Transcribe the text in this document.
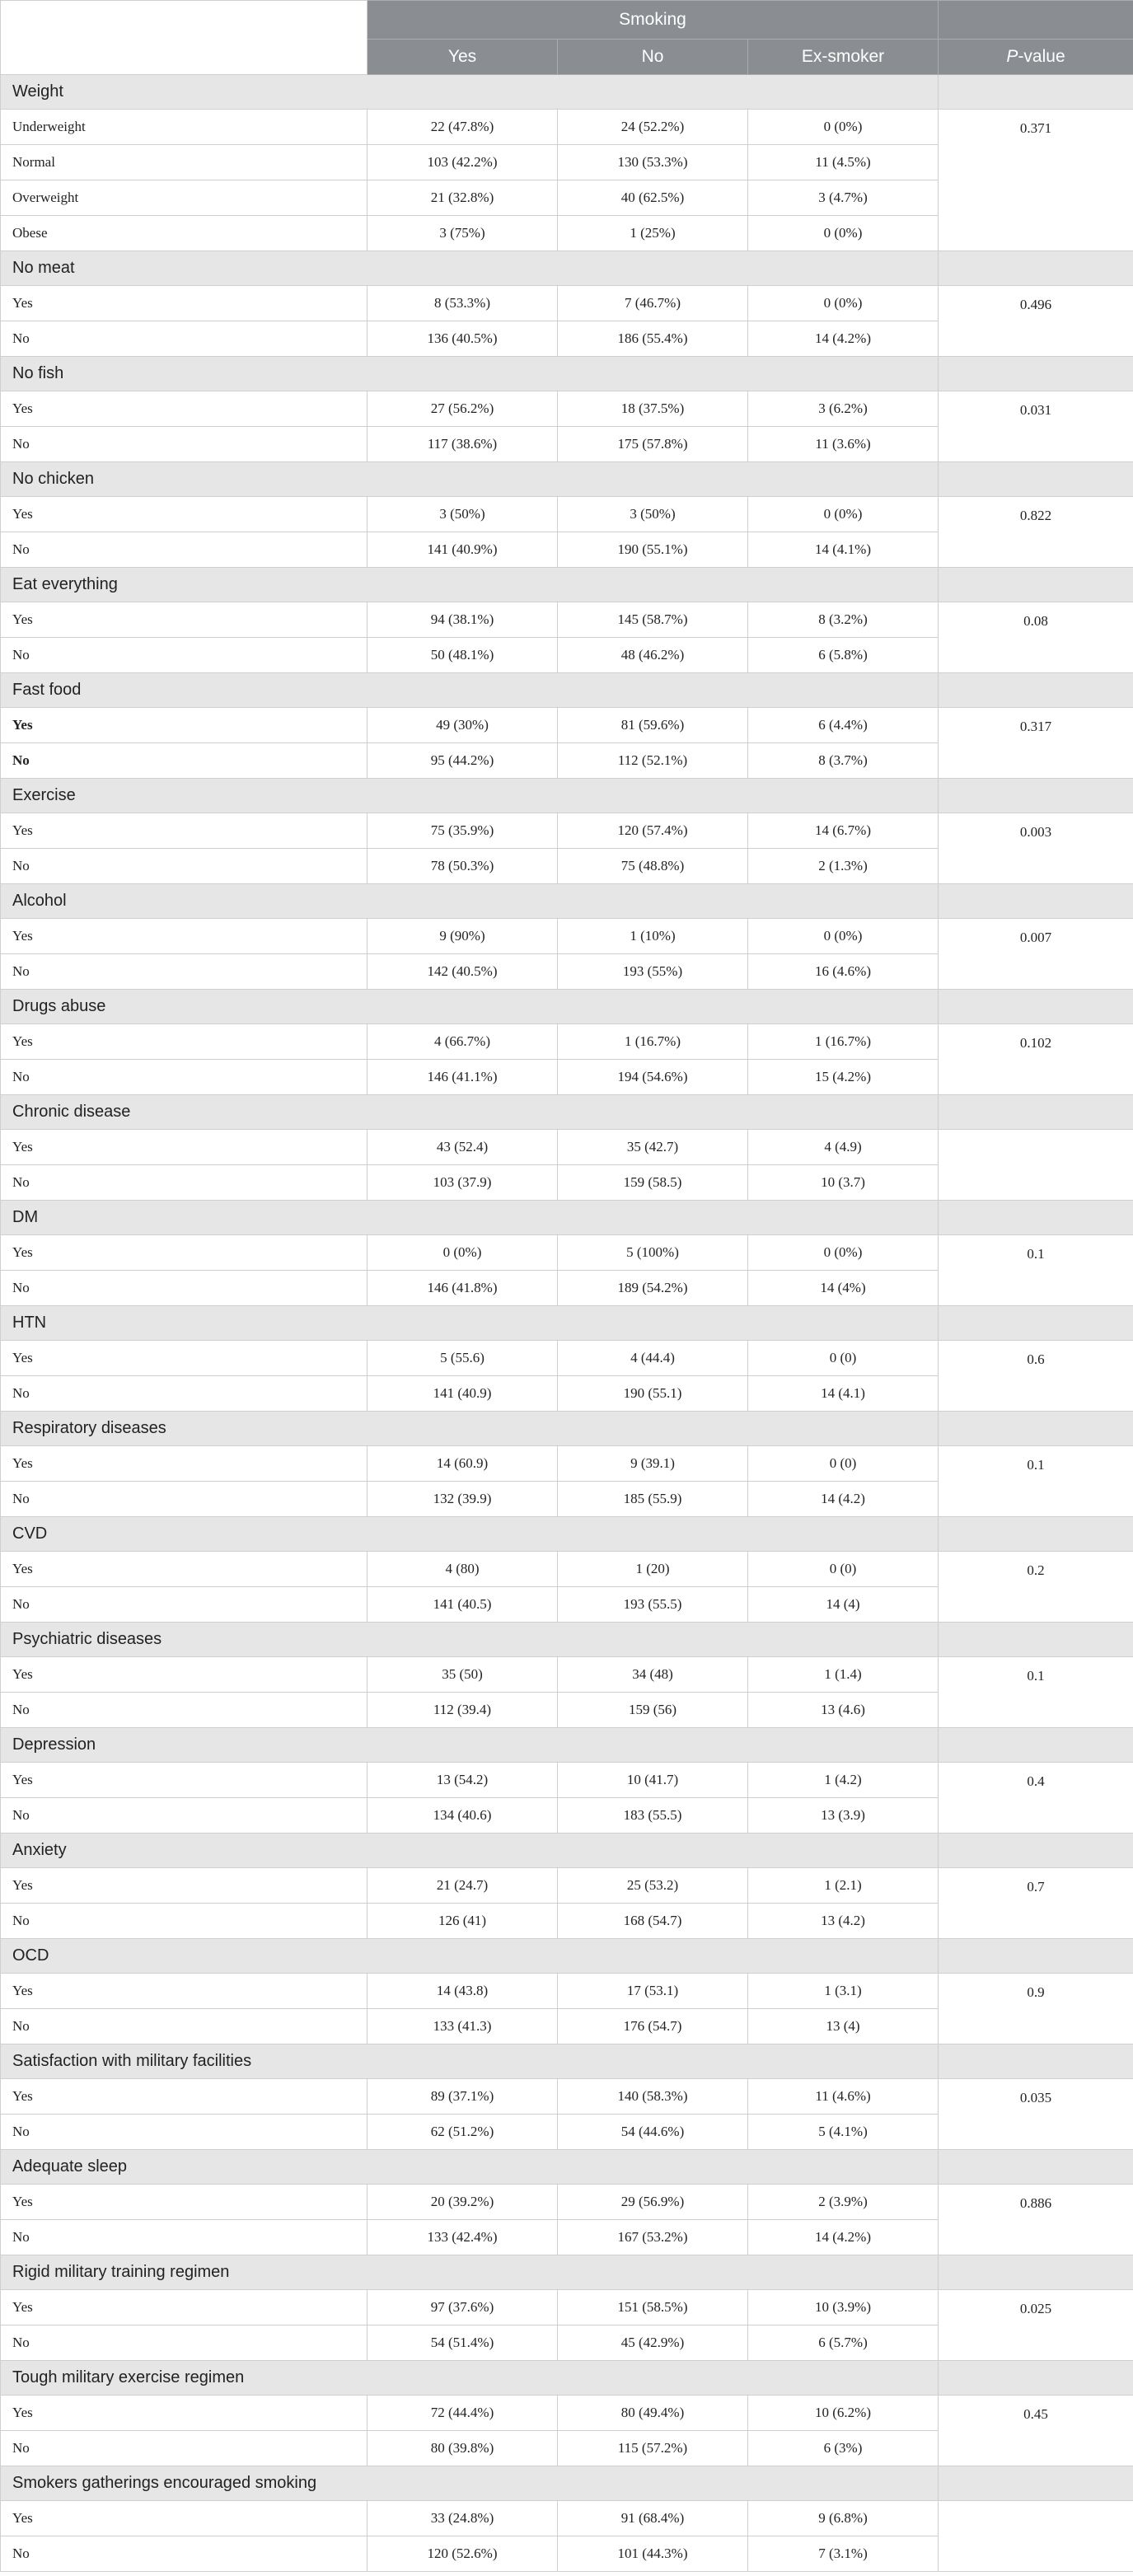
	Smoking			
	Yes	No	Ex-smoker	P-value
Weight				
Underweight	22 (47.8%)	24 (52.2%)	0 (0%)	0.371
Normal	103 (42.2%)	130 (53.3%)	11 (4.5%)	
Overweight	21 (32.8%)	40 (62.5%)	3 (4.7%)	
Obese	3 (75%)	1 (25%)	0 (0%)	
No meat				
Yes	8 (53.3%)	7 (46.7%)	0 (0%)	0.496
No	136 (40.5%)	186 (55.4%)	14 (4.2%)	
No fish				
Yes	27 (56.2%)	18 (37.5%)	3 (6.2%)	0.031
No	117 (38.6%)	175 (57.8%)	11 (3.6%)	
No chicken				
Yes	3 (50%)	3 (50%)	0 (0%)	0.822
No	141 (40.9%)	190 (55.1%)	14 (4.1%)	
Eat everything				
Yes	94 (38.1%)	145 (58.7%)	8 (3.2%)	0.08
No	50 (48.1%)	48 (46.2%)	6 (5.8%)	
Fast food				
Yes	49 (30%)	81 (59.6%)	6 (4.4%)	0.317
No	95 (44.2%)	112 (52.1%)	8 (3.7%)	
Exercise				
Yes	75 (35.9%)	120 (57.4%)	14 (6.7%)	0.003
No	78 (50.3%)	75 (48.8%)	2 (1.3%)	
Alcohol				
Yes	9 (90%)	1 (10%)	0 (0%)	0.007
No	142 (40.5%)	193 (55%)	16 (4.6%)	
Drugs abuse				
Yes	4 (66.7%)	1 (16.7%)	1 (16.7%)	0.102
No	146 (41.1%)	194 (54.6%)	15 (4.2%)	
Chronic disease				
Yes	43 (52.4)	35 (42.7)	4 (4.9)	
No	103 (37.9)	159 (58.5)	10 (3.7)	
DM				
Yes	0 (0%)	5 (100%)	0 (0%)	0.1
No	146 (41.8%)	189 (54.2%)	14 (4%)	
HTN				
Yes	5 (55.6)	4 (44.4)	0 (0)	0.6
No	141 (40.9)	190 (55.1)	14 (4.1)	
Respiratory diseases				
Yes	14 (60.9)	9 (39.1)	0 (0)	0.1
No	132 (39.9)	185 (55.9)	14 (4.2)	
CVD				
Yes	4 (80)	1 (20)	0 (0)	0.2
No	141 (40.5)	193 (55.5)	14 (4)	
Psychiatric diseases				
Yes	35 (50)	34 (48)	1 (1.4)	0.1
No	112 (39.4)	159 (56)	13 (4.6)	
Depression				
Yes	13 (54.2)	10 (41.7)	1 (4.2)	0.4
No	134 (40.6)	183 (55.5)	13 (3.9)	
Anxiety				
Yes	21 (24.7)	25 (53.2)	1 (2.1)	0.7
No	126 (41)	168 (54.7)	13 (4.2)	
OCD				
Yes	14 (43.8)	17 (53.1)	1 (3.1)	0.9
No	133 (41.3)	176 (54.7)	13 (4)	
Satisfaction with military facilities				
Yes	89 (37.1%)	140 (58.3%)	11 (4.6%)	0.035
No	62 (51.2%)	54 (44.6%)	5 (4.1%)	
Adequate sleep				
Yes	20 (39.2%)	29 (56.9%)	2 (3.9%)	0.886
No	133 (42.4%)	167 (53.2%)	14 (4.2%)	
Rigid military training regimen				
Yes	97 (37.6%)	151 (58.5%)	10 (3.9%)	0.025
No	54 (51.4%)	45 (42.9%)	6 (5.7%)	
Tough military exercise regimen				
Yes	72 (44.4%)	80 (49.4%)	10 (6.2%)	0.45
No	80 (39.8%)	115 (57.2%)	6 (3%)	
Smokers gatherings encouraged smoking				
Yes	33 (24.8%)	91 (68.4%)	9 (6.8%)	
No	120 (52.6%)	101 (44.3%)	7 (3.1%)	
